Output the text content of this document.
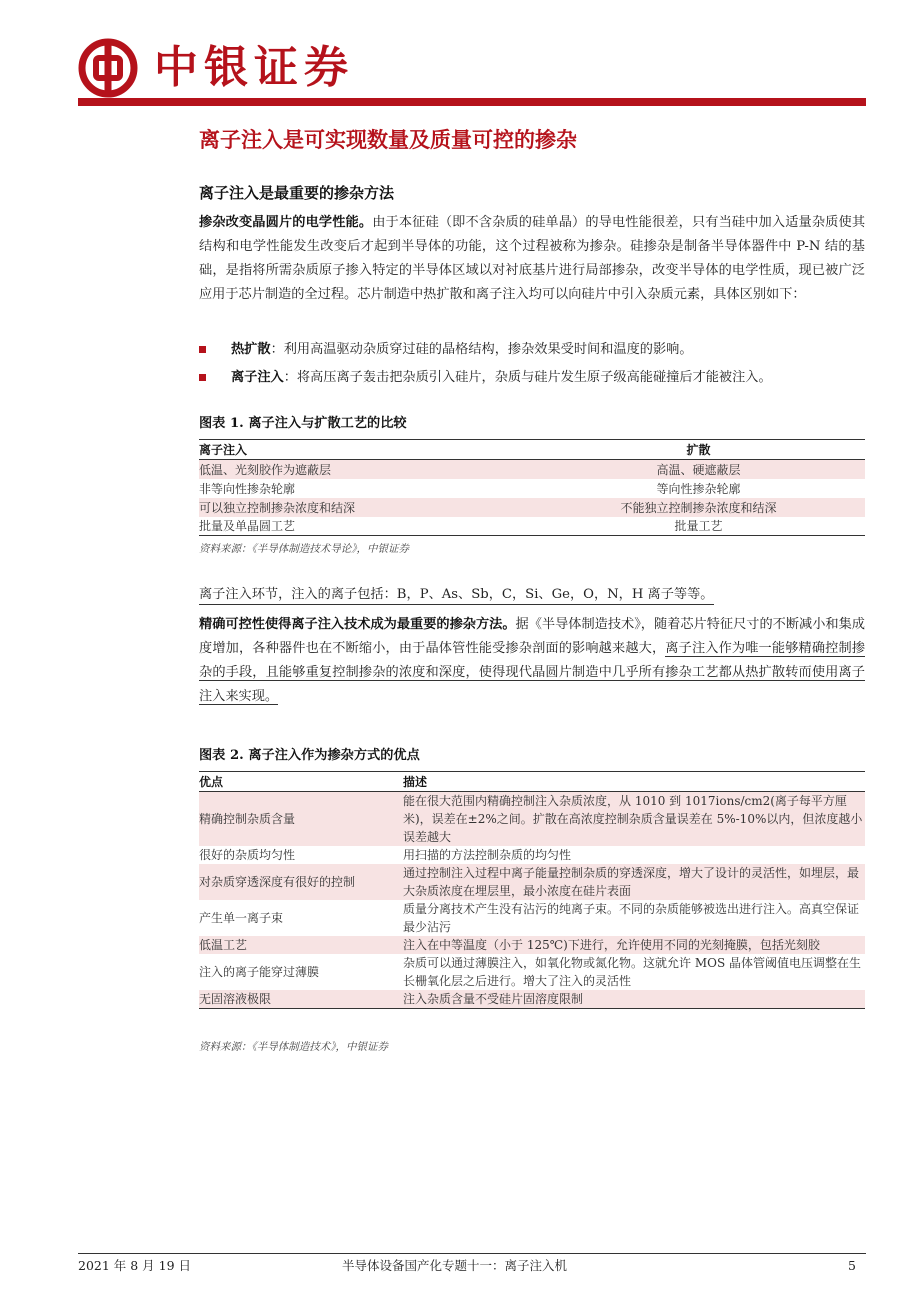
中银证券
离子注入是可实现数量及质量可控的掺杂
离子注入是最重要的掺杂方法
掺杂改变晶圆片的电学性能。由于本征硅（即不含杂质的硅单晶）的导电性能很差，只有当硅中加入适量杂质使其结构和电学性能发生改变后才起到半导体的功能，这个过程被称为掺杂。硅掺杂是制备半导体器件中 P-N 结的基础，是指将所需杂质原子掺入特定的半导体区域以对衬底基片进行局部掺杂，改变半导体的电学性质，现已被广泛应用于芯片制造的全过程。芯片制造中热扩散和离子注入均可以向硅片中引入杂质元素，具体区别如下：
热扩散：利用高温驱动杂质穿过硅的晶格结构，掺杂效果受时间和温度的影响。
离子注入：将高压离子轰击把杂质引入硅片，杂质与硅片发生原子级高能碰撞后才能被注入。
图表 1. 离子注入与扩散工艺的比较
离子注入	扩散
低温、光刻胶作为遮蔽层	高温、硬遮蔽层
非等向性掺杂轮廓	等向性掺杂轮廓
可以独立控制掺杂浓度和结深	不能独立控制掺杂浓度和结深
批量及单晶圆工艺	批量工艺
资料来源：《半导体制造技术导论》，中银证券
离子注入环节，注入的离子包括：B，P、As、Sb，C，Si、Ge，O，N，H 离子等等。
精确可控性使得离子注入技术成为最重要的掺杂方法。据《半导体制造技术》，随着芯片特征尺寸的不断减小和集成度增加，各种器件也在不断缩小，由于晶体管性能受掺杂剖面的影响越来越大，离子注入作为唯一能够精确控制掺杂的手段，且能够重复控制掺杂的浓度和深度，使得现代晶圆片制造中几乎所有掺杂工艺都从热扩散转而使用离子注入来实现。
图表 2. 离子注入作为掺杂方式的优点
优点	描述
精确控制杂质含量	能在很大范围内精确控制注入杂质浓度，从 1010 到 1017ions/cm2(离子每平方厘米)，误差在±2%之间。扩散在高浓度控制杂质含量误差在 5%-10%以内，但浓度越小误差越大
很好的杂质均匀性	用扫描的方法控制杂质的均匀性
对杂质穿透深度有很好的控制	通过控制注入过程中离子能量控制杂质的穿透深度，增大了设计的灵活性，如埋层，最大杂质浓度在埋层里，最小浓度在硅片表面
产生单一离子束	质量分离技术产生没有沾污的纯离子束。不同的杂质能够被选出进行注入。高真空保证最少沾污
低温工艺	注入在中等温度（小于 125℃)下进行，允许使用不同的光刻掩膜，包括光刻胶
注入的离子能穿过薄膜	杂质可以通过薄膜注入，如氧化物或氮化物。这就允许 MOS 晶体管阈值电压调整在生长栅氧化层之后进行。增大了注入的灵活性
无固溶液极限	注入杂质含量不受硅片固溶度限制
资料来源：《半导体制造技术》，中银证券
2021 年 8 月 19 日	半导体设备国产化专题十一：离子注入机	5
